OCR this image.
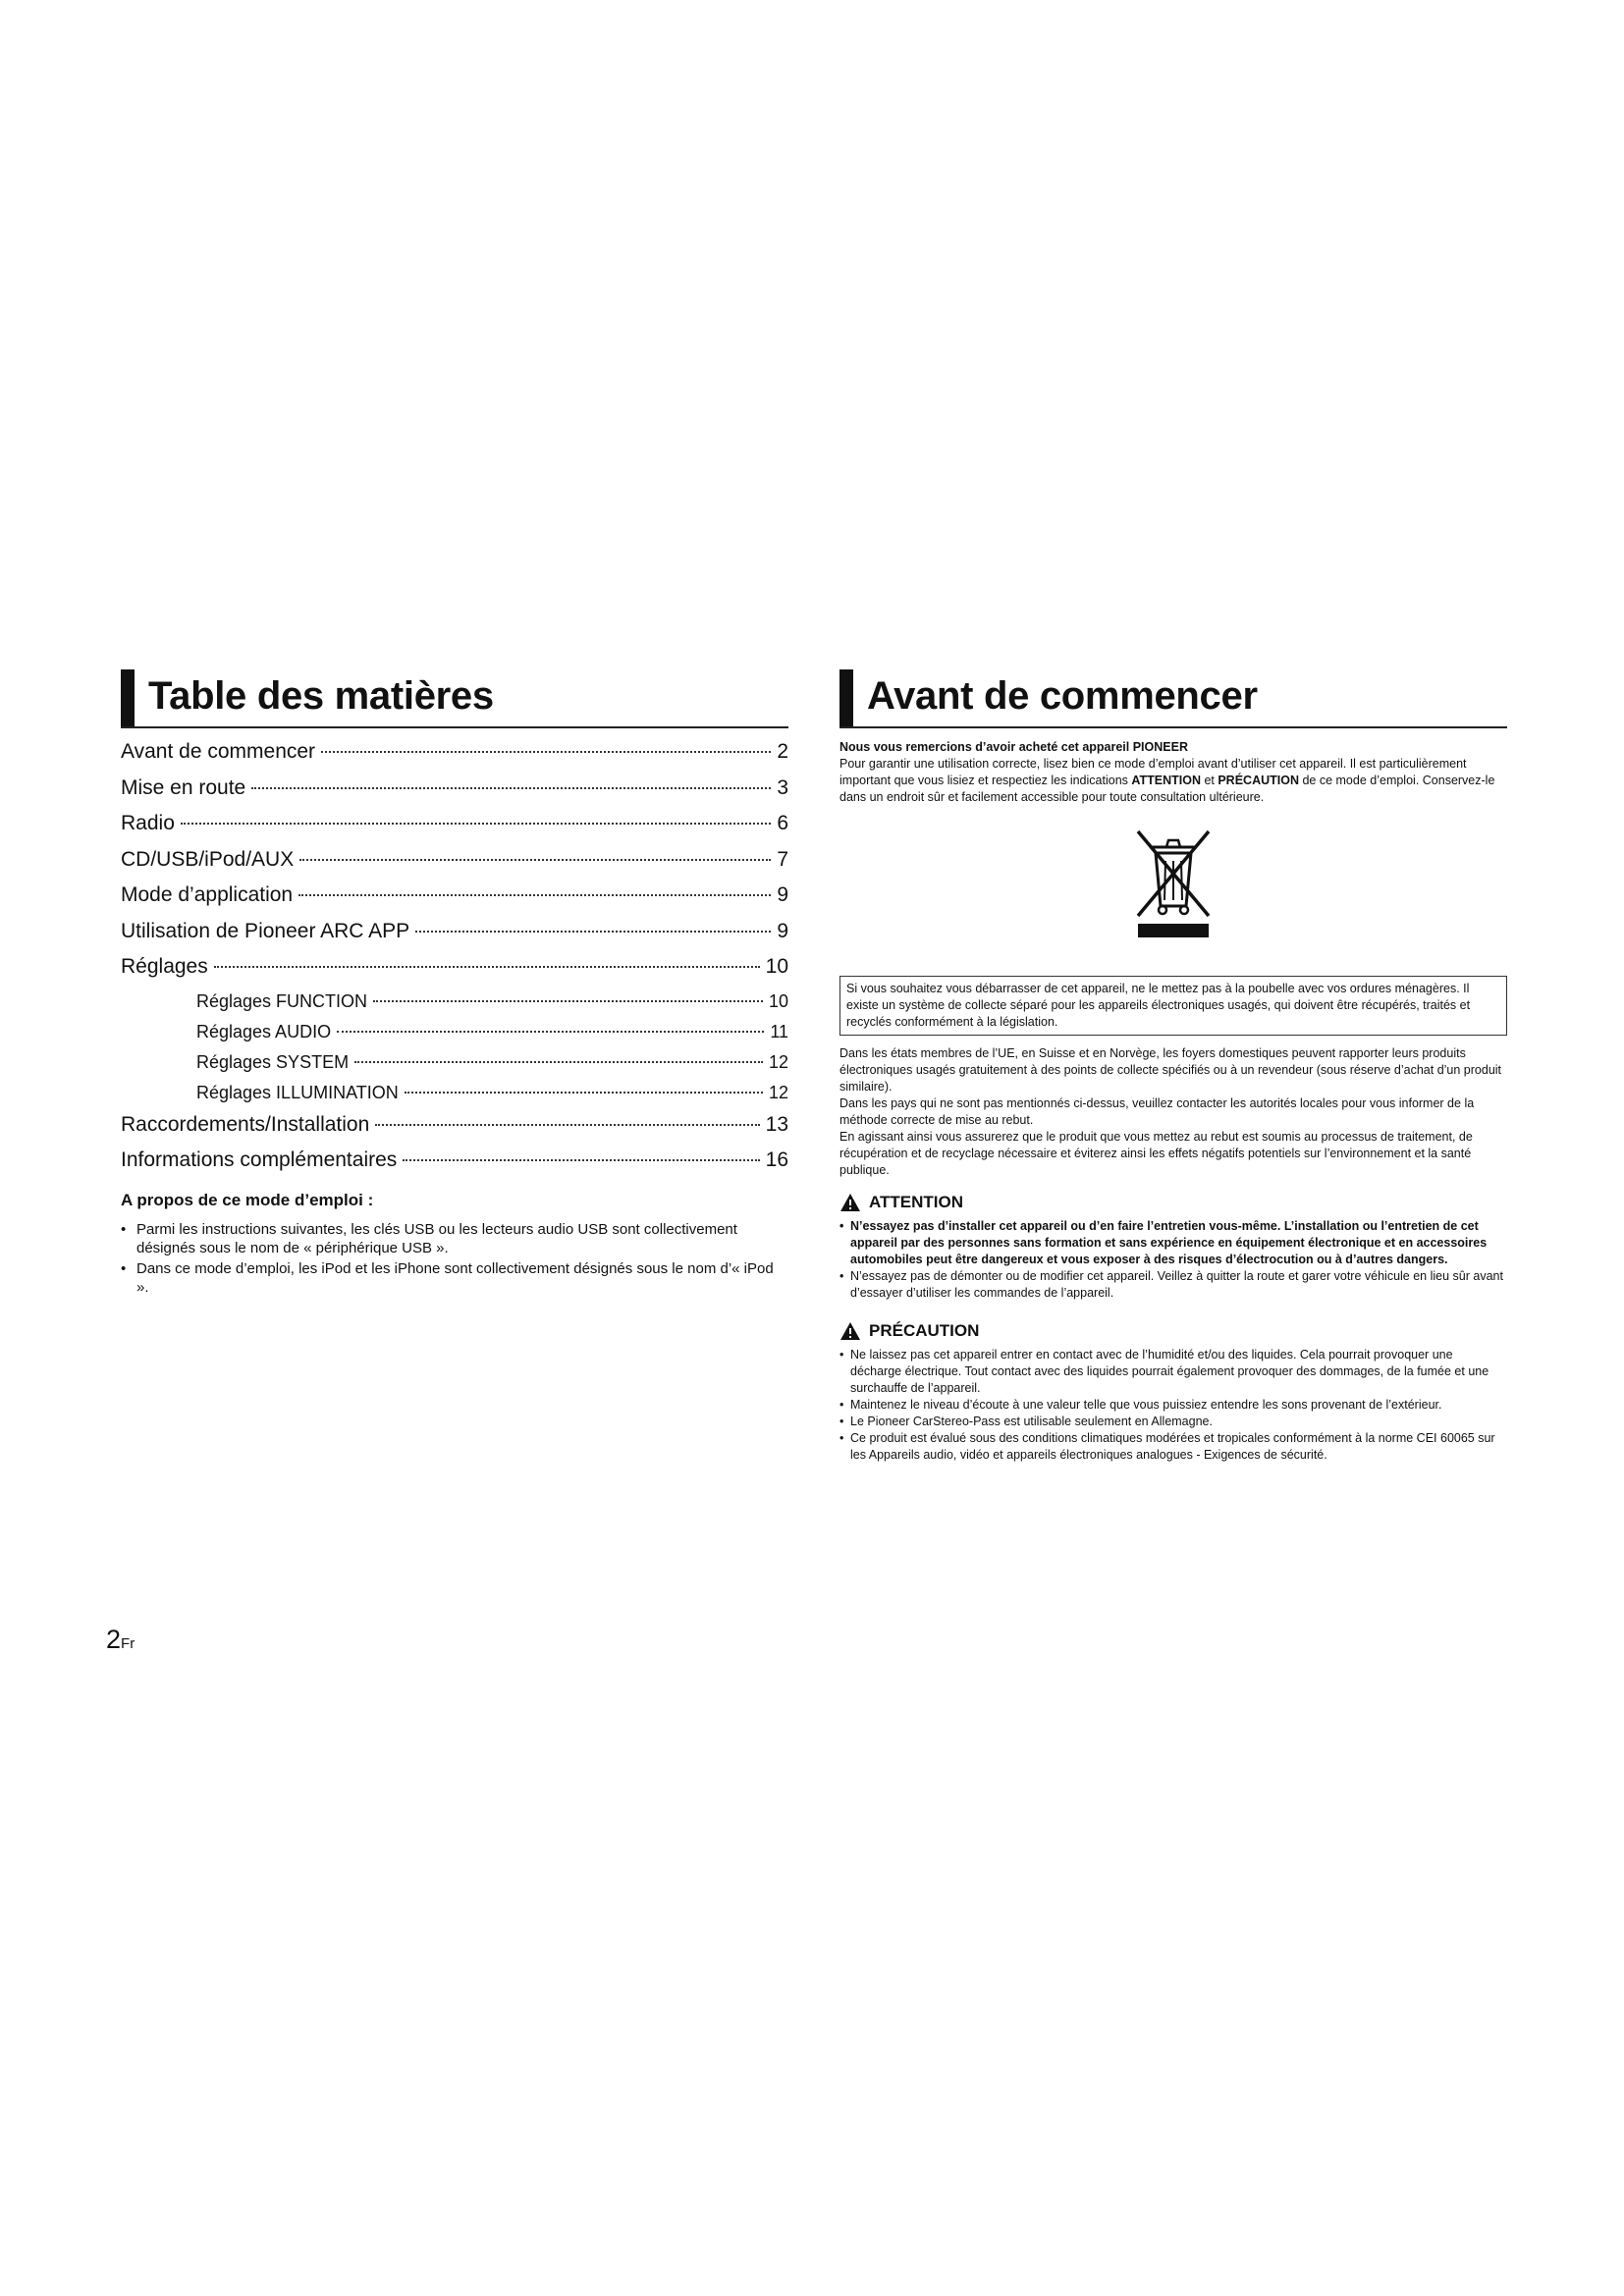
Table des matières
Avant de commencer	2
Mise en route	3
Radio	6
CD/USB/iPod/AUX	7
Mode d’application	9
Utilisation de Pioneer ARC APP	9
Réglages	10
Réglages FUNCTION	10
Réglages AUDIO	11
Réglages SYSTEM	12
Réglages ILLUMINATION	12
Raccordements/Installation	13
Informations complémentaires	16
A propos de ce mode d’emploi :
• Parmi les instructions suivantes, les clés USB ou les lecteurs audio USB sont collectivement désignés sous le nom de « périphérique USB ».
• Dans ce mode d’emploi, les iPod et les iPhone sont collectivement désignés sous le nom d’« iPod ».
Avant de commencer

Nous vous remercions d’avoir acheté cet appareil PIONEER

Pour garantir une utilisation correcte, lisez bien ce mode d’emploi avant d’utiliser cet appareil. Il est particulièrement important que vous lisiez et respectiez les indications ATTENTION et PRÉCAUTION de ce mode d’emploi. Conservez-le dans un endroit sûr et facilement accessible pour toute consultation ultérieure.

Si vous souhaitez vous débarrasser de cet appareil, ne le mettez pas à la poubelle avec vos ordures ménagères. Il existe un système de collecte séparé pour les appareils électroniques usagés, qui doivent être récupérés, traités et recyclés conformément à la législation.

Dans les états membres de l’UE, en Suisse et en Norvège, les foyers domestiques peuvent rapporter leurs produits électroniques usagés gratuitement à des points de collecte spécifiés ou à un revendeur (sous réserve d’achat d’un produit similaire).

Dans les pays qui ne sont pas mentionnés ci-dessus, veuillez contacter les autorités locales pour vous informer de la méthode correcte de mise au rebut.

En agissant ainsi vous assurerez que le produit que vous mettez au rebut est soumis au processus de traitement, de récupération et de recyclage nécessaire et éviterez ainsi les effets négatifs potentiels sur l’environnement et la santé publique.

ATTENTION
• N’essayez pas d’installer cet appareil ou d’en faire l’entretien vous-même. L’installation ou l’entretien de cet appareil par des personnes sans formation et sans expérience en équipement électronique et en accessoires automobiles peut être dangereux et vous exposer à des risques d’électrocution ou à d’autres dangers.
• N’essayez pas de démonter ou de modifier cet appareil. Veillez à quitter la route et garer votre véhicule en lieu sûr avant d’essayer d’utiliser les commandes de l’appareil.
PRÉCAUTION
• Ne laissez pas cet appareil entrer en contact avec de l’humidité et/ou des liquides. Cela pourrait provoquer une décharge électrique. Tout contact avec des liquides pourrait également provoquer des dommages, de la fumée et une surchauffe de l’appareil.
• Maintenez le niveau d’écoute à une valeur telle que vous puissiez entendre les sons provenant de l’extérieur.
• Le Pioneer CarStereo-Pass est utilisable seulement en Allemagne.
• Ce produit est évalué sous des conditions climatiques modérées et tropicales conformément à la norme CEI 60065 sur les Appareils audio, vidéo et appareils électroniques analogues - Exigences de sécurité.
2Fr
